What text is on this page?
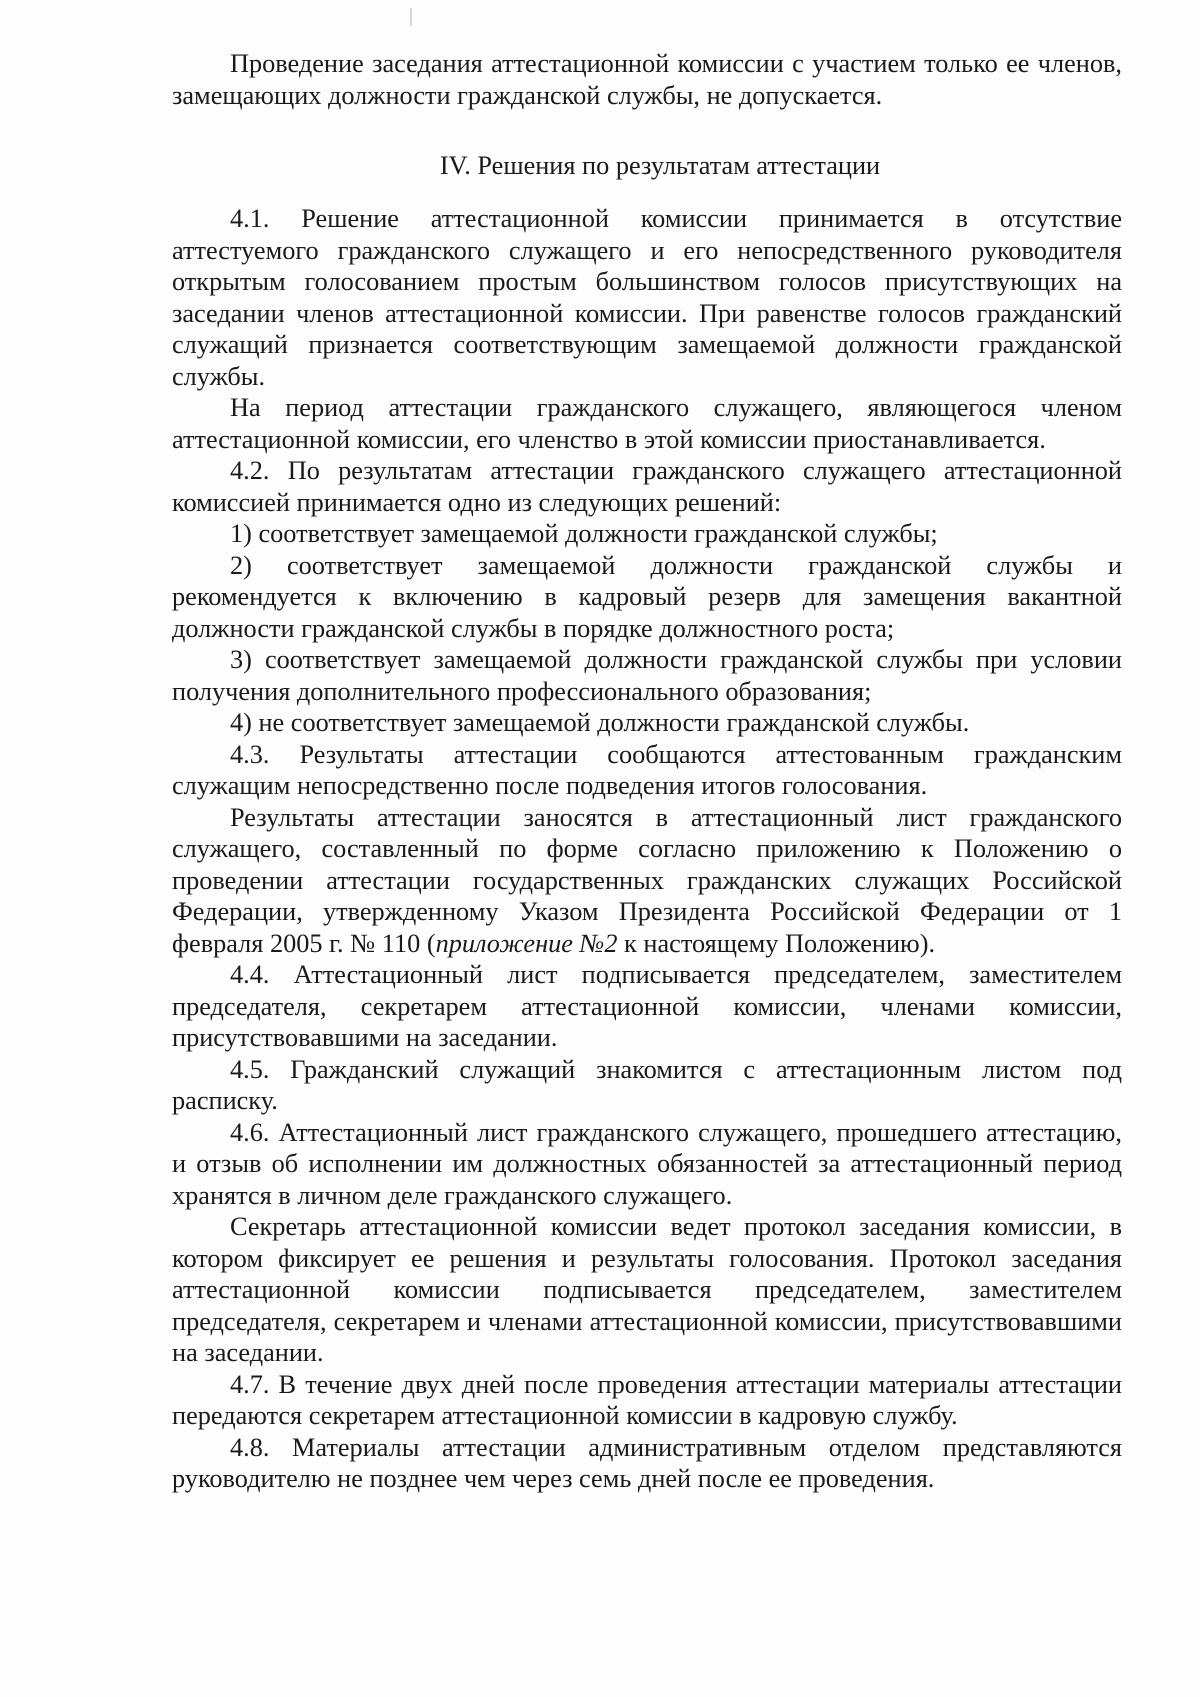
Проведение заседания аттестационной комиссии с участием только ее членов, замещающих должности гражданской службы, не допускается.

IV. Решения по результатам аттестации

4.1. Решение аттестационной комиссии принимается в отсутствие аттестуемого гражданского служащего и его непосредственного руководителя открытым голосованием простым большинством голосов присутствующих на заседании членов аттестационной комиссии. При равенстве голосов гражданский служащий признается соответствующим замещаемой должности гражданской службы.

На период аттестации гражданского служащего, являющегося членом аттестационной комиссии, его членство в этой комиссии приостанавливается.

4.2. По результатам аттестации гражданского служащего аттестационной комиссией принимается одно из следующих решений:

1) соответствует замещаемой должности гражданской службы;

2) соответствует замещаемой должности гражданской службы и рекомендуется к включению в кадровый резерв для замещения вакантной должности гражданской службы в порядке должностного роста;

3) соответствует замещаемой должности гражданской службы при условии получения дополнительного профессионального образования;

4) не соответствует замещаемой должности гражданской службы.

4.3. Результаты аттестации сообщаются аттестованным гражданским служащим непосредственно после подведения итогов голосования.

Результаты аттестации заносятся в аттестационный лист гражданского служащего, составленный по форме согласно приложению к Положению о проведении аттестации государственных гражданских служащих Российской Федерации, утвержденному Указом Президента Российской Федерации от 1 февраля 2005 г. № 110 (приложение №2 к настоящему Положению).

4.4. Аттестационный лист подписывается председателем, заместителем председателя, секретарем аттестационной комиссии, членами комиссии, присутствовавшими на заседании.

4.5. Гражданский служащий знакомится с аттестационным листом под расписку.

4.6. Аттестационный лист гражданского служащего, прошедшего аттестацию, и отзыв об исполнении им должностных обязанностей за аттестационный период хранятся в личном деле гражданского служащего.

Секретарь аттестационной комиссии ведет протокол заседания комиссии, в котором фиксирует ее решения и результаты голосования. Протокол заседания аттестационной комиссии подписывается председателем, заместителем председателя, секретарем и членами аттестационной комиссии, присутствовавшими на заседании.

4.7. В течение двух дней после проведения аттестации материалы аттестации передаются секретарем аттестационной комиссии в кадровую службу.

4.8. Материалы аттестации административным отделом представляются руководителю не позднее чем через семь дней после ее проведения.
